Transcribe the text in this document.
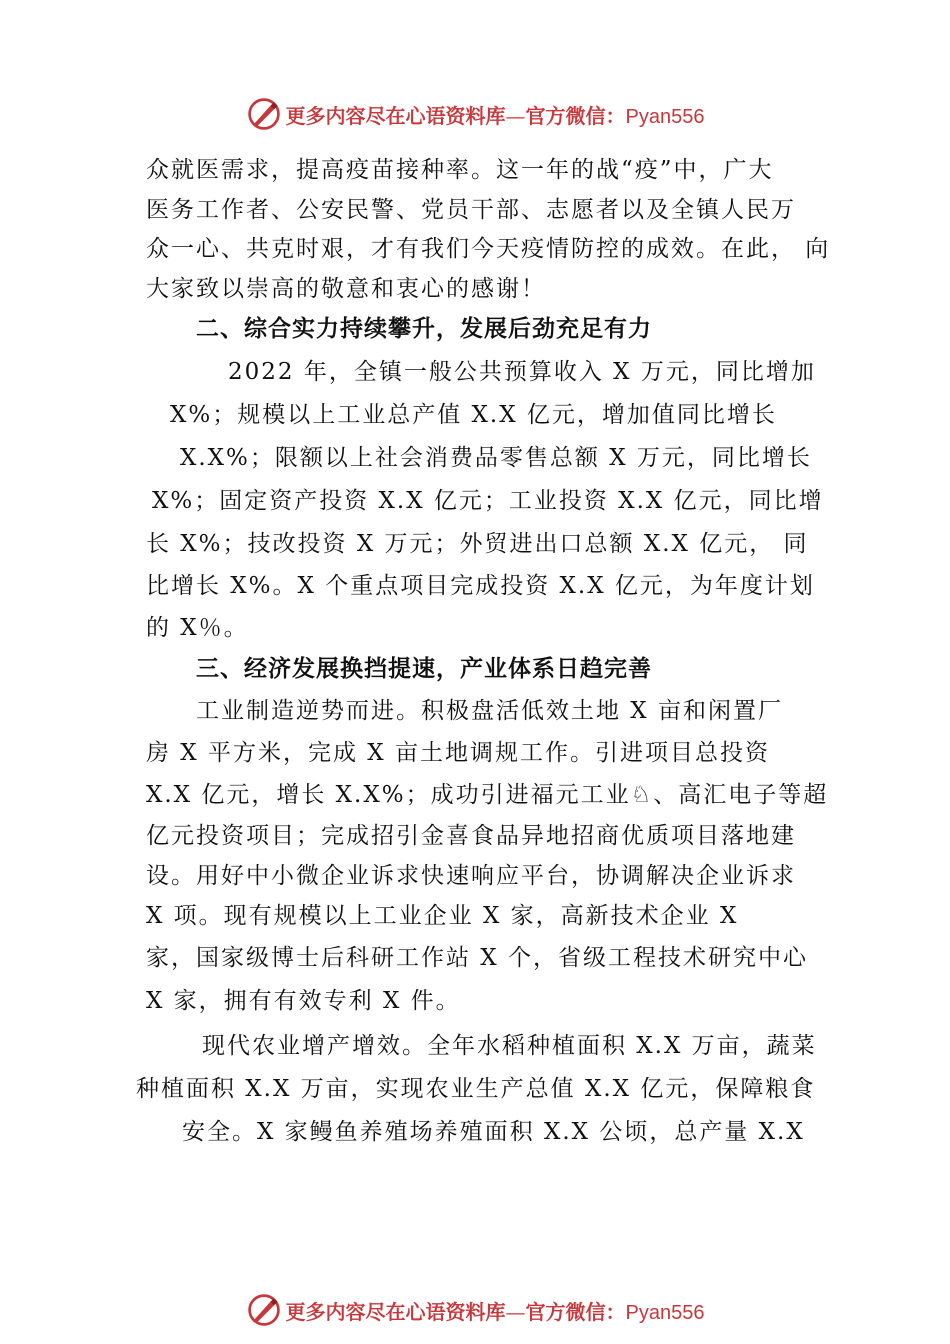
更多内容尽在心语资料库—官方微信：Pyan556
众就医需求，提高疫苗接种率。这一年的战“疫”中，广大
医务工作者、公安民警、党员干部、志愿者以及全镇人民万
众一心、共克时艰，才有我们今天疫情防控的成效。在此， 向
大家致以崇高的敬意和衷心的感谢！
二、综合实力持续攀升，发展后劲充足有力
2022 年，全镇一般公共预算收入 X 万元，同比增加
X%；规模以上工业总产值 X.X 亿元，增加值同比增长
X.X%；限额以上社会消费品零售总额 X 万元，同比增长
X%；固定资产投资 X.X 亿元；工业投资 X.X 亿元，同比增
长 X%；技改投资 X 万元；外贸进出口总额 X.X 亿元， 同
比增长 X%。X 个重点项目完成投资 X.X 亿元，为年度计划
的 X％。
三、经济发展换挡提速，产业体系日趋完善
工业制造逆势而进。积极盘活低效土地 X 亩和闲置厂
房 X 平方米，完成 X 亩土地调规工作。引进项目总投资
X.X 亿元，增长 X.X%；成功引进福元工业♘、高汇电子等超
亿元投资项目；完成招引金喜食品异地招商优质项目落地建
设。用好中小微企业诉求快速响应平台，协调解决企业诉求
X 项。现有规模以上工业企业 X 家，高新技术企业 X
家，国家级博士后科研工作站 X 个，省级工程技术研究中心
X 家，拥有有效专利 X 件。
现代农业增产增效。全年水稻种植面积 X.X 万亩，蔬菜
种植面积 X.X 万亩，实现农业生产总值 X.X 亿元，保障粮食
安全。X 家鳗鱼养殖场养殖面积 X.X 公顷，总产量 X.X
更多内容尽在心语资料库—官方微信：Pyan556
